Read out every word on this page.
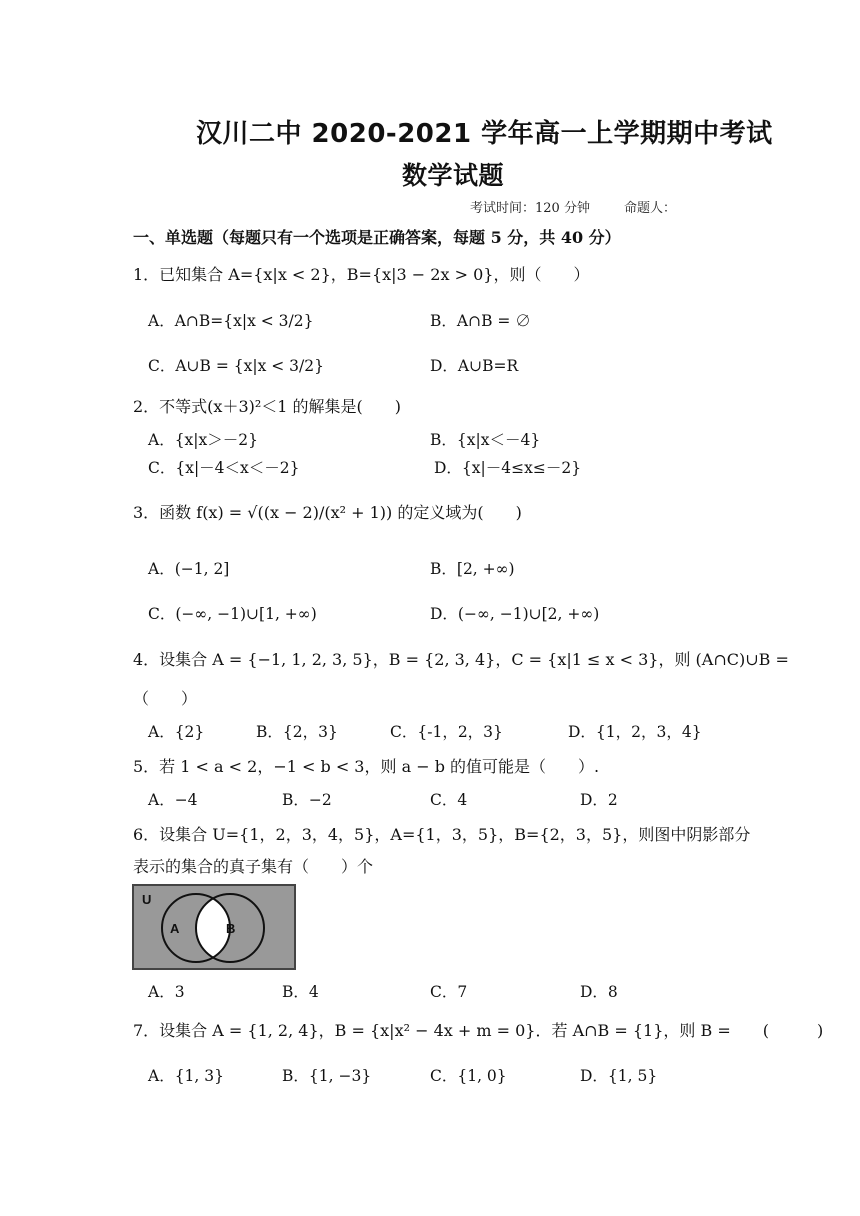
汉川二中 2020-2021 学年高一上学期期中考试
数学试题
考试时间：120 分钟	命题人：
一、单选题（每题只有一个选项是正确答案，每题 5 分，共 40 分）
1．已知集合 A={x|x < 2}，B={x|3 − 2x > 0}，则（　　）
A．A∩B={x|x < 3/2}	B．A∩B = ∅
C．A∪B = {x|x < 3/2}	D．A∪B=R
2．不等式(x＋3)²＜1 的解集是(　　)
A．{x|x＞－2}	B．{x|x＜－4}
C．{x|－4＜x＜－2}	D．{x|－4≤x≤－2}
3．函数 f(x) = √((x − 2)/(x² + 1)) 的定义域为(　　)
A．(−1, 2]	B．[2, +∞)
C．(−∞, −1)∪[1, +∞)	D．(−∞, −1)∪[2, +∞)
4．设集合 A = {−1, 1, 2, 3, 5}，B = {2, 3, 4}，C = {x|1 ≤ x < 3}，则 (A∩C)∪B =
（　　）
A．{2}	B．{2，3}	C．{-1，2，3}	D．{1，2，3，4}
5．若 1 < a < 2，−1 < b < 3，则 a − b 的值可能是（　　）.
A．−4	B．−2	C．4	D．2
6．设集合 U={1，2，3，4，5}，A={1，3，5}，B={2，3，5}，则图中阴影部分
表示的集合的真子集有（　　）个
U
A	B
A．3	B．4	C．7	D．8
7．设集合 A = {1, 2, 4}，B = {x|x² − 4x + m = 0}．若 A∩B = {1}，则 B =　　(　　　)
A．{1, 3}	B．{1, −3}	C．{1, 0}	D．{1, 5}
